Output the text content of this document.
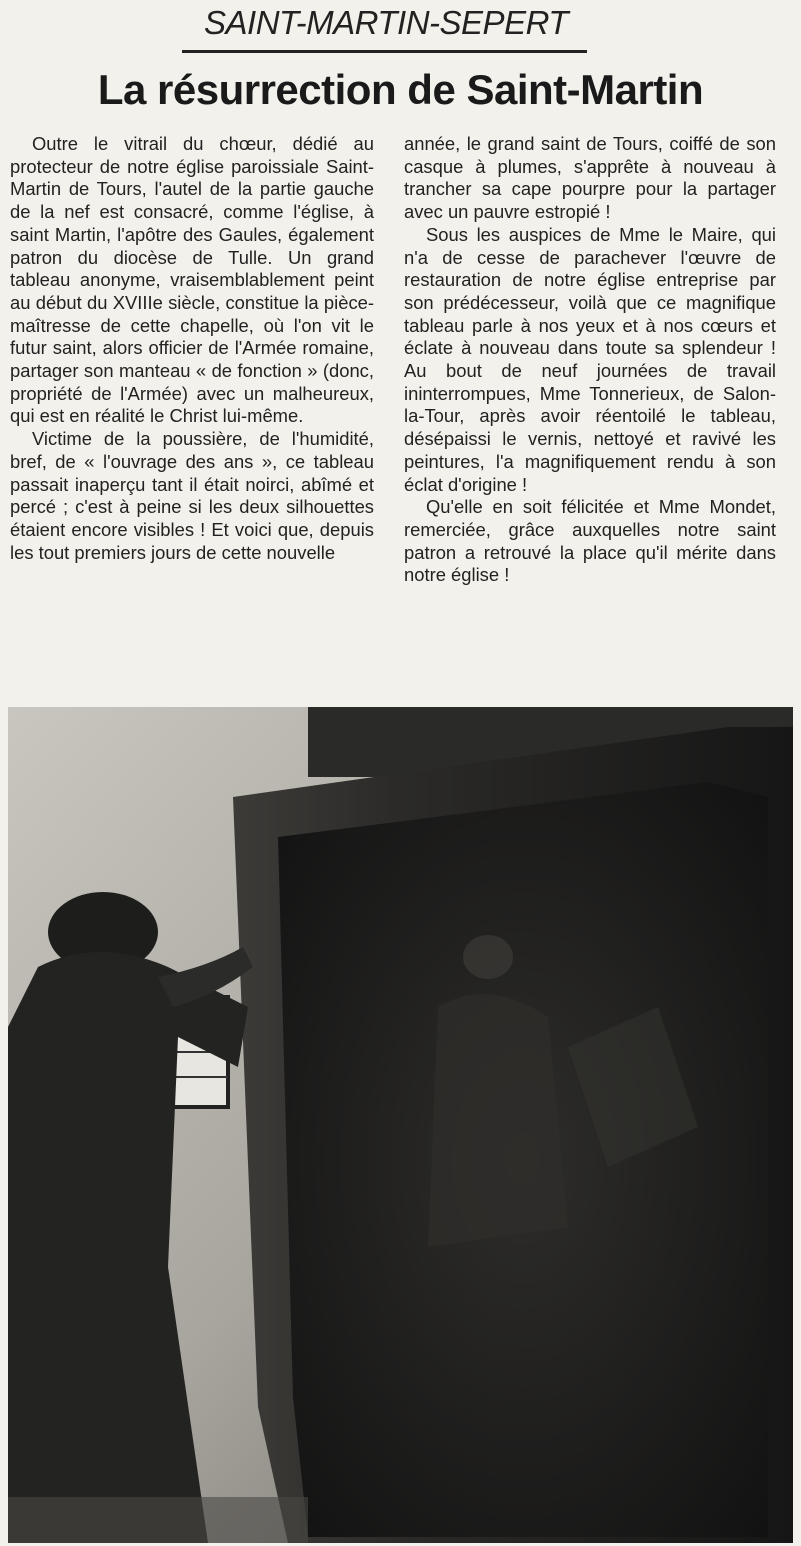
SAINT-MARTIN-SEPERT
La résurrection de Saint-Martin

Outre le vitrail du chœur, dédié au protecteur de notre église paroissiale Saint-Martin de Tours, l'autel de la partie gauche de la nef est consacré, comme l'église, à saint Martin, l'apôtre des Gaules, également patron du diocèse de Tulle. Un grand tableau anonyme, vraisemblablement peint au début du XVIIIe siècle, constitue la pièce-maîtresse de cette chapelle, où l'on vit le futur saint, alors officier de l'Armée romaine, partager son manteau « de fonction » (donc, propriété de l'Armée) avec un malheureux, qui est en réalité le Christ lui-même.

Victime de la poussière, de l'humidité, bref, de « l'ouvrage des ans », ce tableau passait inaperçu tant il était noirci, abîmé et percé ; c'est à peine si les deux silhouettes étaient encore visibles ! Et voici que, depuis les tout premiers jours de cette nouvelle

année, le grand saint de Tours, coiffé de son casque à plumes, s'apprête à nouveau à trancher sa cape pourpre pour la partager avec un pauvre estropié !

Sous les auspices de Mme le Maire, qui n'a de cesse de parachever l'œuvre de restauration de notre église entreprise par son prédécesseur, voilà que ce magnifique tableau parle à nos yeux et à nos cœurs et éclate à nouveau dans toute sa splendeur ! Au bout de neuf journées de travail ininterrompues, Mme Tonnerieux, de Salon-la-Tour, après avoir réentoilé le tableau, désépaissi le vernis, nettoyé et ravivé les peintures, l'a magnifiquement rendu à son éclat d'origine !

Qu'elle en soit félicitée et Mme Mondet, remerciée, grâce auxquelles notre saint patron a retrouvé la place qu'il mérite dans notre église !
